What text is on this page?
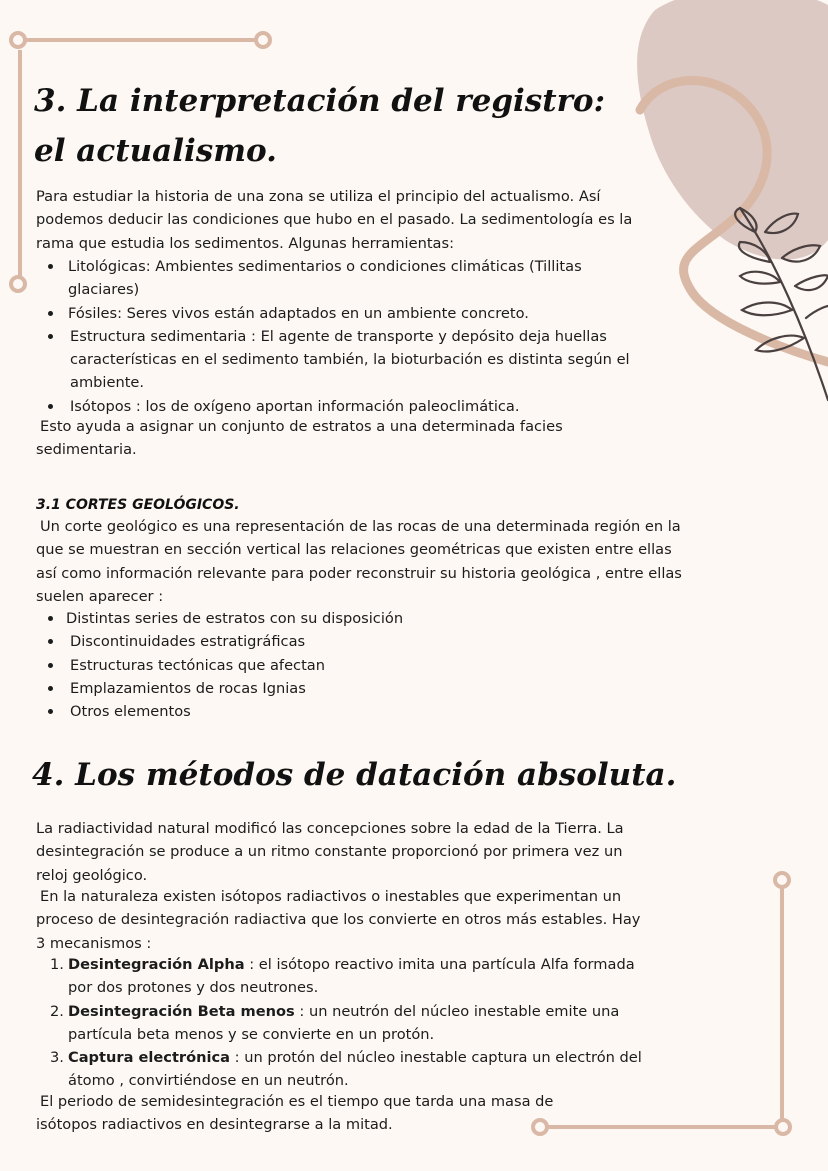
3. La interpretación del registro:
el actualismo.

Para estudiar la historia de una zona se utiliza el principio del actualismo. Así podemos deducir las condiciones que hubo en el pasado. La sedimentología es la rama que estudia los sedimentos. Algunas herramientas:

Litológicas: Ambientes sedimentarios o condiciones climáticas (Tillitas glaciares)
Fósiles: Seres vivos están adaptados en un ambiente concreto.
Estructura sedimentaria : El agente de transporte y depósito deja huellas características en el sedimento también, la bioturbación es distinta según el ambiente.
Isótopos : los de oxígeno aportan información paleoclimática.

Esto ayuda a asignar un conjunto de estratos a una determinada facies sedimentaria.

3.1 CORTES GEOLÓGICOS.

Un corte geológico es una representación de las rocas de una determinada región en la que se muestran en sección vertical las relaciones geométricas que existen entre ellas así como información relevante para poder reconstruir su historia geológica , entre ellas suelen aparecer :

Distintas series de estratos con su disposición
Discontinuidades estratigráficas
Estructuras tectónicas que afectan
Emplazamientos de rocas Ignias
Otros elementos
4. Los métodos de datación absoluta.

La radiactividad natural modificó las concepciones sobre la edad de la Tierra. La desintegración se produce a un ritmo constante proporcionó por primera vez un reloj geológico.

En la naturaleza existen isótopos radiactivos o inestables que experimentan un proceso de desintegración radiactiva que los convierte en otros más estables. Hay 3 mecanismos :

1. Desintegración Alpha : el isótopo reactivo imita una partícula Alfa formada por dos protones y dos neutrones.
2. Desintegración Beta menos : un neutrón del núcleo inestable emite una partícula beta menos y se convierte en un protón.
3. Captura electrónica : un protón del núcleo inestable captura un electrón del átomo , convirtiéndose en un neutrón.

El periodo de semidesintegración es el tiempo que tarda una masa de isótopos radiactivos en desintegrarse a la mitad.
